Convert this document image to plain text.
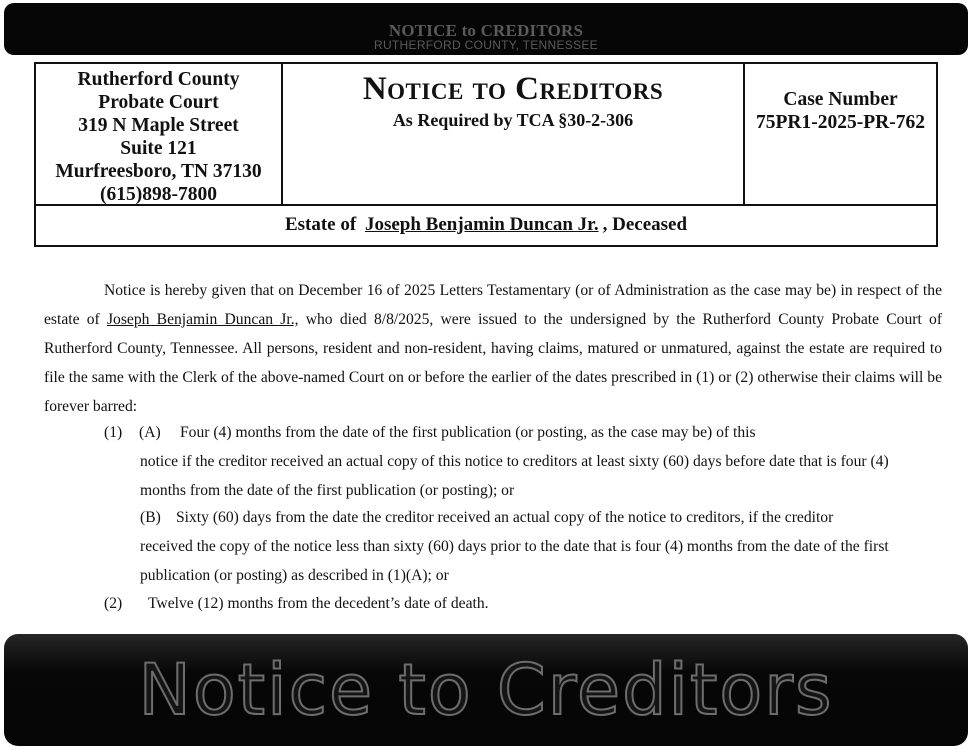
NOTICE to CREDITORS
RUTHERFORD COUNTY, TENNESSEE
Rutherford County
Probate Court
319 N Maple Street
Suite 121
Murfreesboro, TN 37130
(615)898-7800
Notice to Creditors
As Required by TCA §30-2-306
Case Number
75PR1-2025-PR-762
Estate of Joseph Benjamin Duncan Jr. , Deceased

Notice is hereby given that on December 16 of 2025 Letters Testamentary (or of Administration as the case may be) in respect of the estate of Joseph Benjamin Duncan Jr., who died 8/8/2025, were issued to the undersigned by the Rutherford County Probate Court of Rutherford County, Tennessee. All persons, resident and non-resident, having claims, matured or unmatured, against the estate are required to file the same with the Clerk of the above-named Court on or before the earlier of the dates prescribed in (1) or (2) otherwise their claims will be forever barred:

(1) (A) Four (4) months from the date of the first publication (or posting, as the case may be) of this
notice if the creditor received an actual copy of this notice to creditors at least sixty (60) days before date that is four (4)
months from the date of the first publication (or posting); or
(B) Sixty (60) days from the date the creditor received an actual copy of the notice to creditors, if the creditor
received the copy of the notice less than sixty (60) days prior to the date that is four (4) months from the date of the first
publication (or posting) as described in (1)(A); or
(2) Twelve (12) months from the decedent’s date of death.
Notice to Creditors
